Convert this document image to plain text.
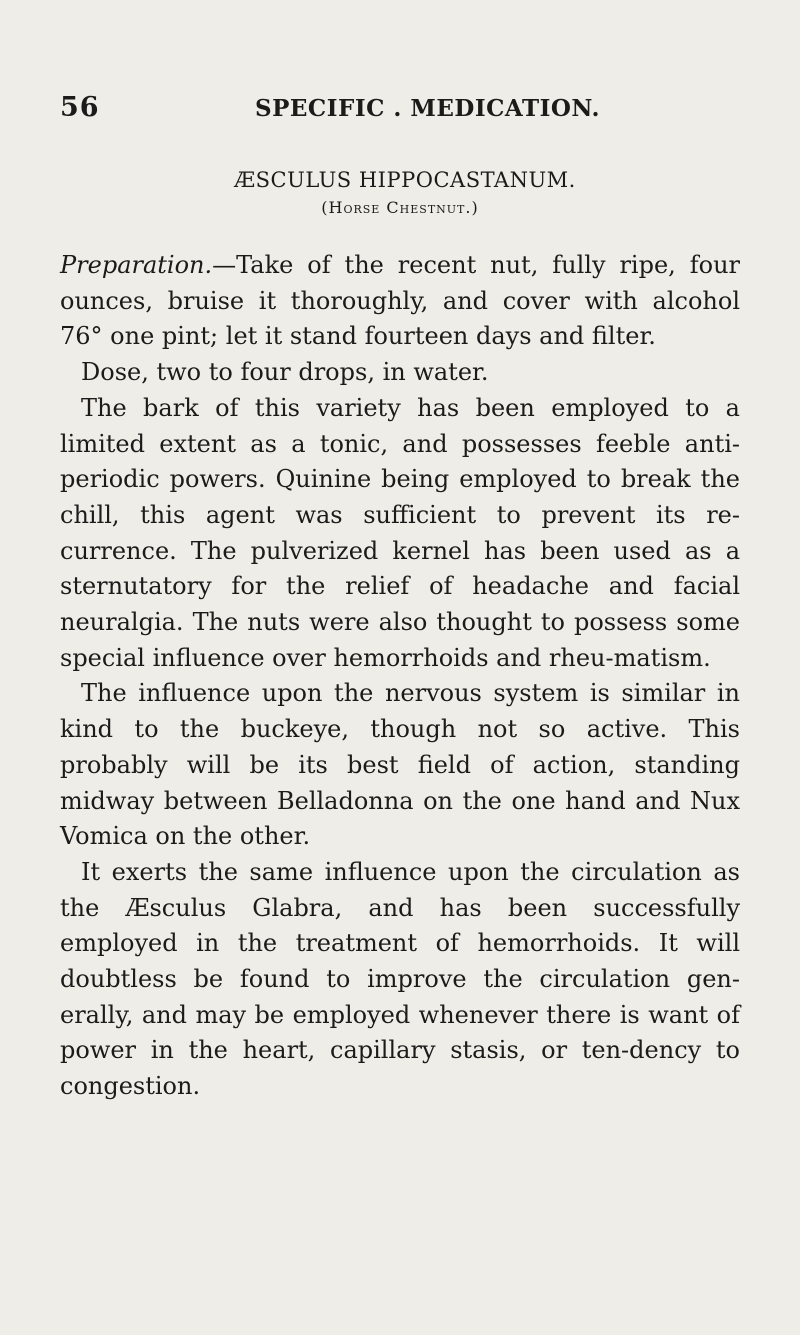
56	SPECIFIC . MEDICATION.
ÆSCULUS HIPPOCASTANUM.
(Horse Chestnut.)

Preparation.—Take of the recent nut, fully ripe, four ounces, bruise it thoroughly, and cover with alcohol 76° one pint; let it stand fourteen days and filter.

Dose, two to four drops, in water.

The bark of this variety has been employed to a limited extent as a tonic, and possesses feeble anti-periodic powers. Quinine being employed to break the chill, this agent was sufficient to prevent its re-currence. The pulverized kernel has been used as a sternutatory for the relief of headache and facial neuralgia. The nuts were also thought to possess some special influence over hemorrhoids and rheu-matism.

The influence upon the nervous system is similar in kind to the buckeye, though not so active. This probably will be its best field of action, standing midway between Belladonna on the one hand and Nux Vomica on the other.

It exerts the same influence upon the circulation as the Æsculus Glabra, and has been successfully employed in the treatment of hemorrhoids. It will doubtless be found to improve the circulation gen-erally, and may be employed whenever there is want of power in the heart, capillary stasis, or ten-dency to congestion.
